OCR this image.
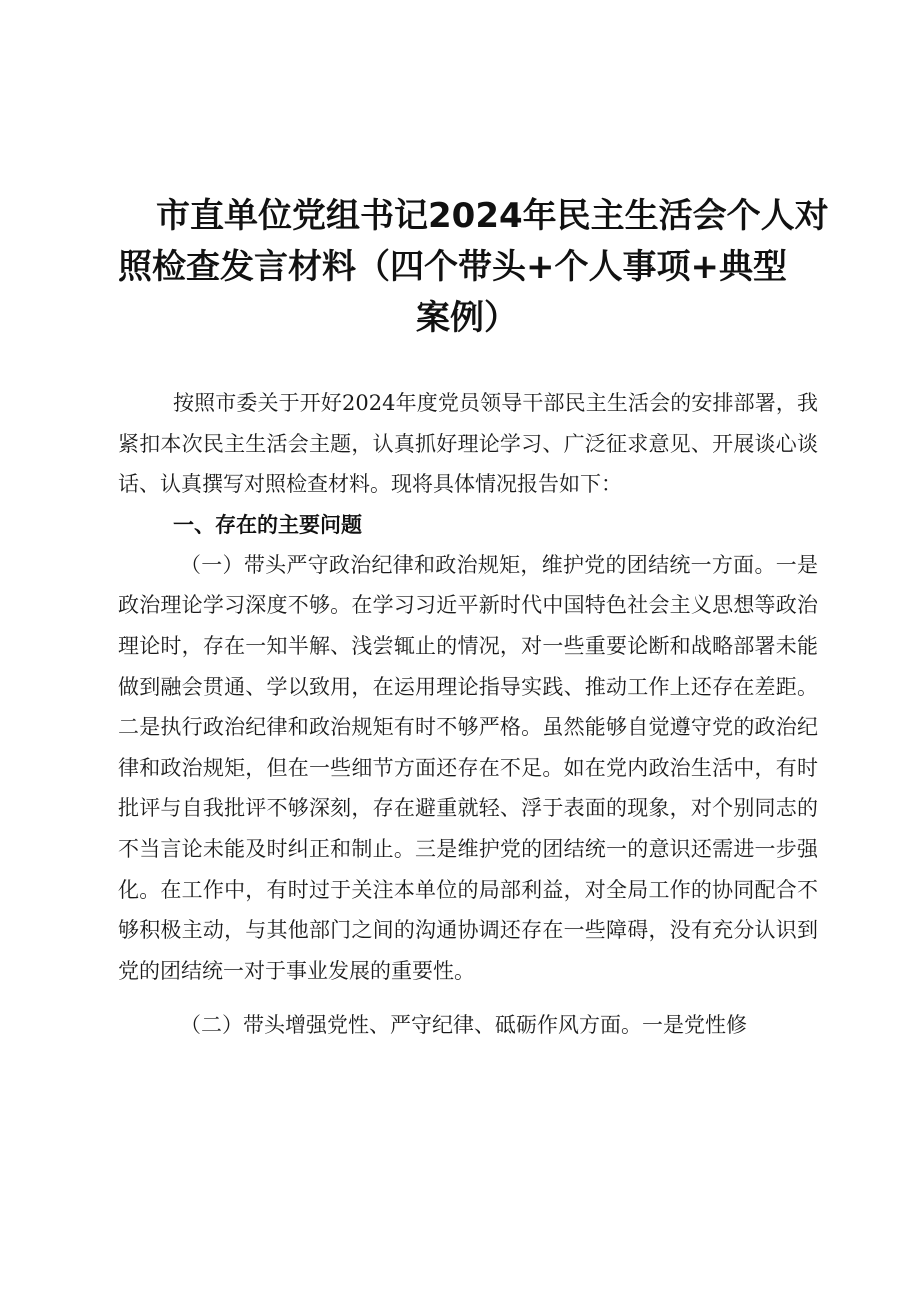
市直单位党组书记2024年民主生活会个人对
照检查发言材料（四个带头+个人事项+典型
案例）

按照市委关于开好2024年度党员领导干部民主生活会的安排部署，我紧扣本次民主生活会主题，认真抓好理论学习、广泛征求意见、开展谈心谈话、认真撰写对照检查材料。现将具体情况报告如下：

一、存在的主要问题

（一）带头严守政治纪律和政治规矩，维护党的团结统一方面。一是政治理论学习深度不够。在学习习近平新时代中国特色社会主义思想等政治理论时，存在一知半解、浅尝辄止的情况，对一些重要论断和战略部署未能做到融会贯通、学以致用，在运用理论指导实践、推动工作上还存在差距。二是执行政治纪律和政治规矩有时不够严格。虽然能够自觉遵守党的政治纪律和政治规矩，但在一些细节方面还存在不足。如在党内政治生活中，有时批评与自我批评不够深刻，存在避重就轻、浮于表面的现象，对个别同志的不当言论未能及时纠正和制止。三是维护党的团结统一的意识还需进一步强化。在工作中，有时过于关注本单位的局部利益，对全局工作的协同配合不够积极主动，与其他部门之间的沟通协调还存在一些障碍，没有充分认识到党的团结统一对于事业发展的重要性。

（二）带头增强党性、严守纪律、砥砺作风方面。一是党性修
